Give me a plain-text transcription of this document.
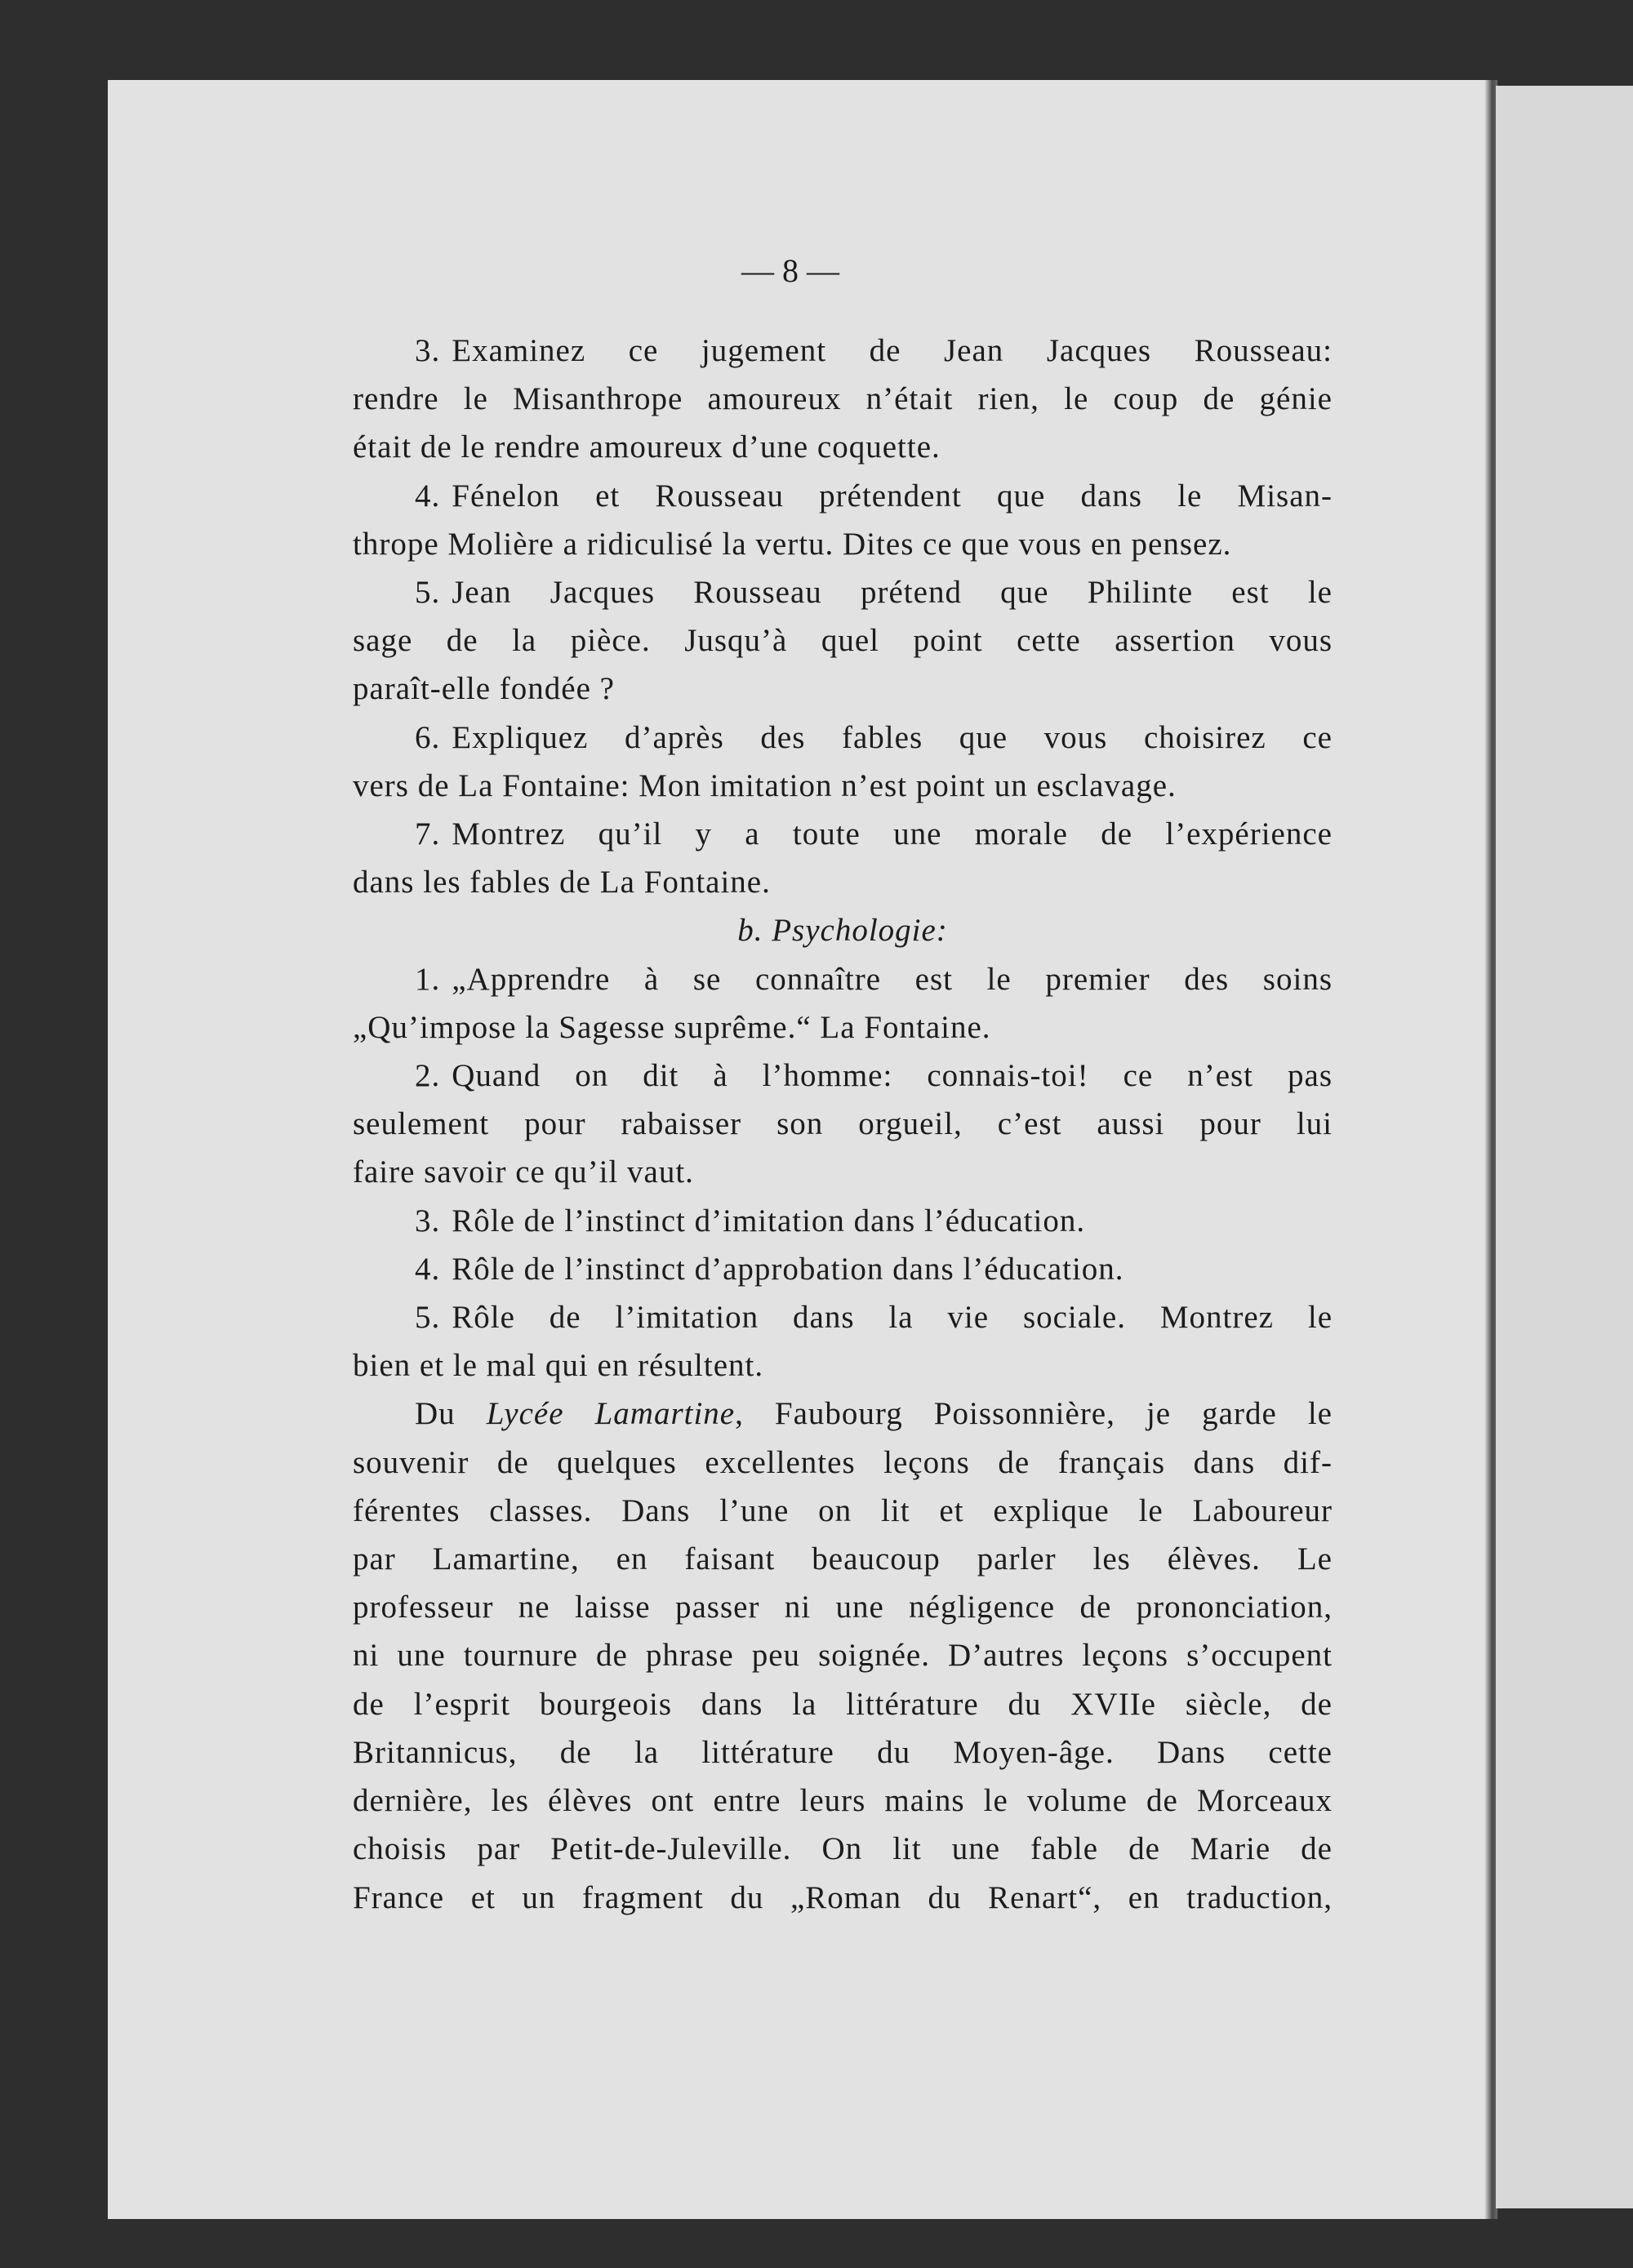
— 8 —

3. Examinez ce jugement de Jean Jacques Rousseau:

rendre le Misanthrope amoureux n’était rien, le coup de génie

était de le rendre amoureux d’une coquette.

4. Fénelon et Rousseau prétendent que dans le Misan-

thrope Molière a ridiculisé la vertu. Dites ce que vous en pensez.

5. Jean Jacques Rousseau prétend que Philinte est le

sage de la pièce. Jusqu’à quel point cette assertion vous

paraît-elle fondée ?

6. Expliquez d’après des fables que vous choisirez ce

vers de La Fontaine: Mon imitation n’est point un esclavage.

7. Montrez qu’il y a toute une morale de l’expérience

dans les fables de La Fontaine.

b. Psychologie:

1. „Apprendre à se connaître est le premier des soins

„Qu’impose la Sagesse suprême.“ La Fontaine.

2. Quand on dit à l’homme: connais-toi! ce n’est pas

seulement pour rabaisser son orgueil, c’est aussi pour lui

faire savoir ce qu’il vaut.

3. Rôle de l’instinct d’imitation dans l’éducation.

4. Rôle de l’instinct d’approbation dans l’éducation.

5. Rôle de l’imitation dans la vie sociale. Montrez le

bien et le mal qui en résultent.

Du Lycée Lamartine, Faubourg Poissonnière, je garde le

souvenir de quelques excellentes leçons de français dans dif-

férentes classes. Dans l’une on lit et explique le Laboureur

par Lamartine, en faisant beaucoup parler les élèves. Le

professeur ne laisse passer ni une négligence de prononciation,

ni une tournure de phrase peu soignée. D’autres leçons s’occupent

de l’esprit bourgeois dans la littérature du XVIIe siècle, de

Britannicus, de la littérature du Moyen-âge. Dans cette

dernière, les élèves ont entre leurs mains le volume de Morceaux

choisis par Petit-de-Juleville. On lit une fable de Marie de

France et un fragment du „Roman du Renart“, en traduction,
